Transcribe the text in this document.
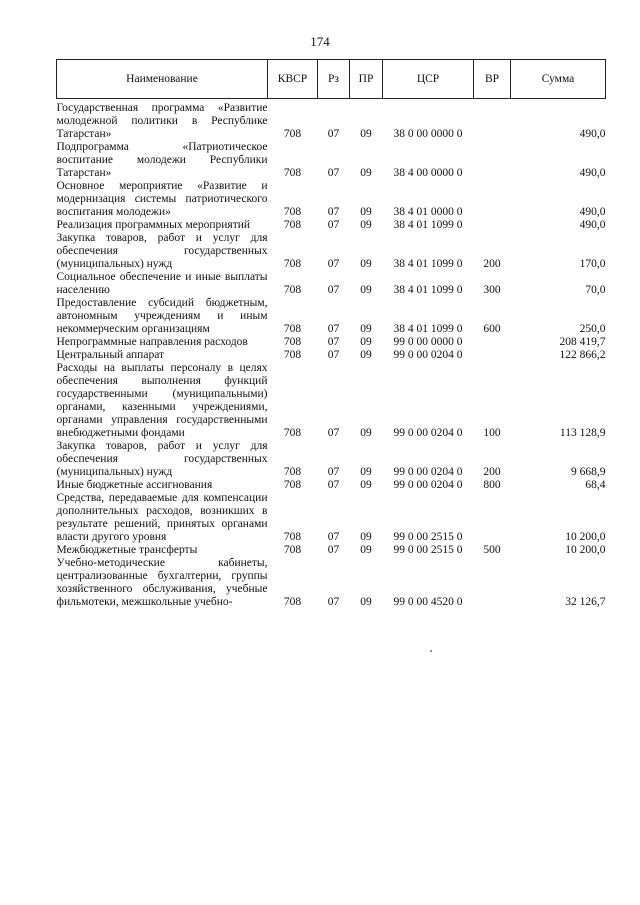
174
Наименование	КВСР	Рз	ПР	ЦСР	ВР	Сумма
Государственная программа «Развитие молодежной политики в Республике Татарстан»	708	07	09	38 0 00 0000 0		490,0
Подпрограмма «Патриотическое воспитание молодежи Республики Татарстан»	708	07	09	38 4 00 0000 0		490,0
Основное мероприятие «Развитие и модернизация системы патриотического воспитания молодежи»	708	07	09	38 4 01 0000 0		490,0
Реализация программных мероприятий	708	07	09	38 4 01 1099 0		490,0
Закупка товаров, работ и услуг для обеспечения государственных (муниципальных) нужд	708	07	09	38 4 01 1099 0	200	170,0
Социальное обеспечение и иные выплаты населению	708	07	09	38 4 01 1099 0	300	70,0
Предоставление субсидий бюджетным, автономным учреждениям и иным некоммерческим организациям	708	07	09	38 4 01 1099 0	600	250,0
Непрограммные направления расходов	708	07	09	99 0 00 0000 0		208 419,7
Центральный аппарат	708	07	09	99 0 00 0204 0		122 866,2
Расходы на выплаты персоналу в целях обеспечения выполнения функций государственными (муниципальными) органами, казенными учреждениями, органами управления государственными внебюджетными фондами	708	07	09	99 0 00 0204 0	100	113 128,9
Закупка товаров, работ и услуг для обеспечения государственных (муниципальных) нужд	708	07	09	99 0 00 0204 0	200	9 668,9
Иные бюджетные ассигнования	708	07	09	99 0 00 0204 0	800	68,4
Средства, передаваемые для компенсации дополнительных расходов, возникших в результате решений, принятых органами власти другого уровня	708	07	09	99 0 00 2515 0		10 200,0
Межбюджетные трансферты	708	07	09	99 0 00 2515 0	500	10 200,0
Учебно-методические кабинеты, централизованные бухгалтерии, группы хозяйственного обслуживания, учебные фильмотеки, межшкольные учебно-	708	07	09	99 0 00 4520 0		32 126,7
